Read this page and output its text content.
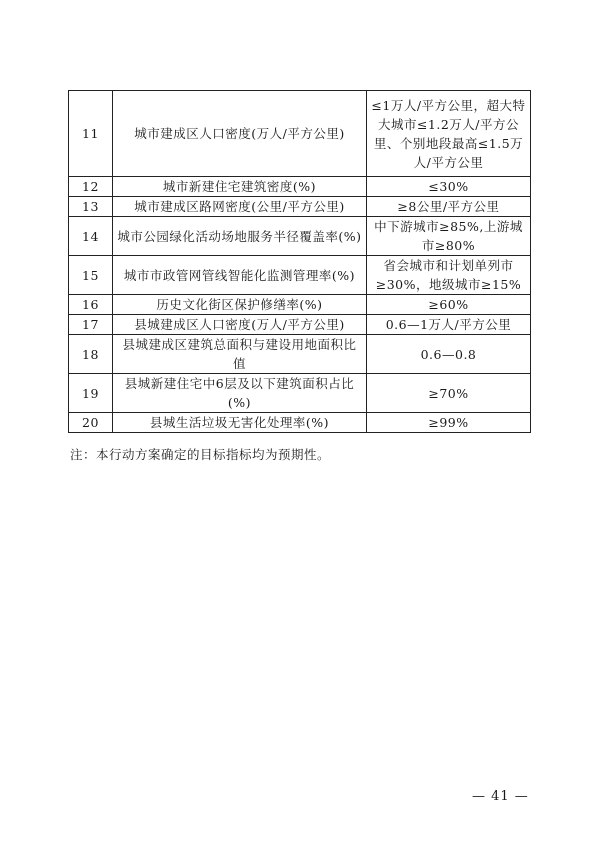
11	城市建成区人口密度(万人/平方公里)	≤1万人/平方公里，超大特大城市≤1.2万人/平方公里、个别地段最高≤1.5万人/平方公里
12	城市新建住宅建筑密度(%)	≤30%
13	城市建成区路网密度(公里/平方公里)	≥8公里/平方公里
14	城市公园绿化活动场地服务半径覆盖率(%)	中下游城市≥85%,上游城市≥80%
15	城市市政管网管线智能化监测管理率(%)	省会城市和计划单列市≥30%，地级城市≥15%
16	历史文化街区保护修缮率(%)	≥60%
17	县城建成区人口密度(万人/平方公里)	0.6—1万人/平方公里
18	县城建成区建筑总面积与建设用地面积比值	0.6—0.8
19	县城新建住宅中6层及以下建筑面积占比(%)	≥70%
20	县城生活垃圾无害化处理率(%)	≥99%
注：本行动方案确定的目标指标均为预期性。
— 41 —
